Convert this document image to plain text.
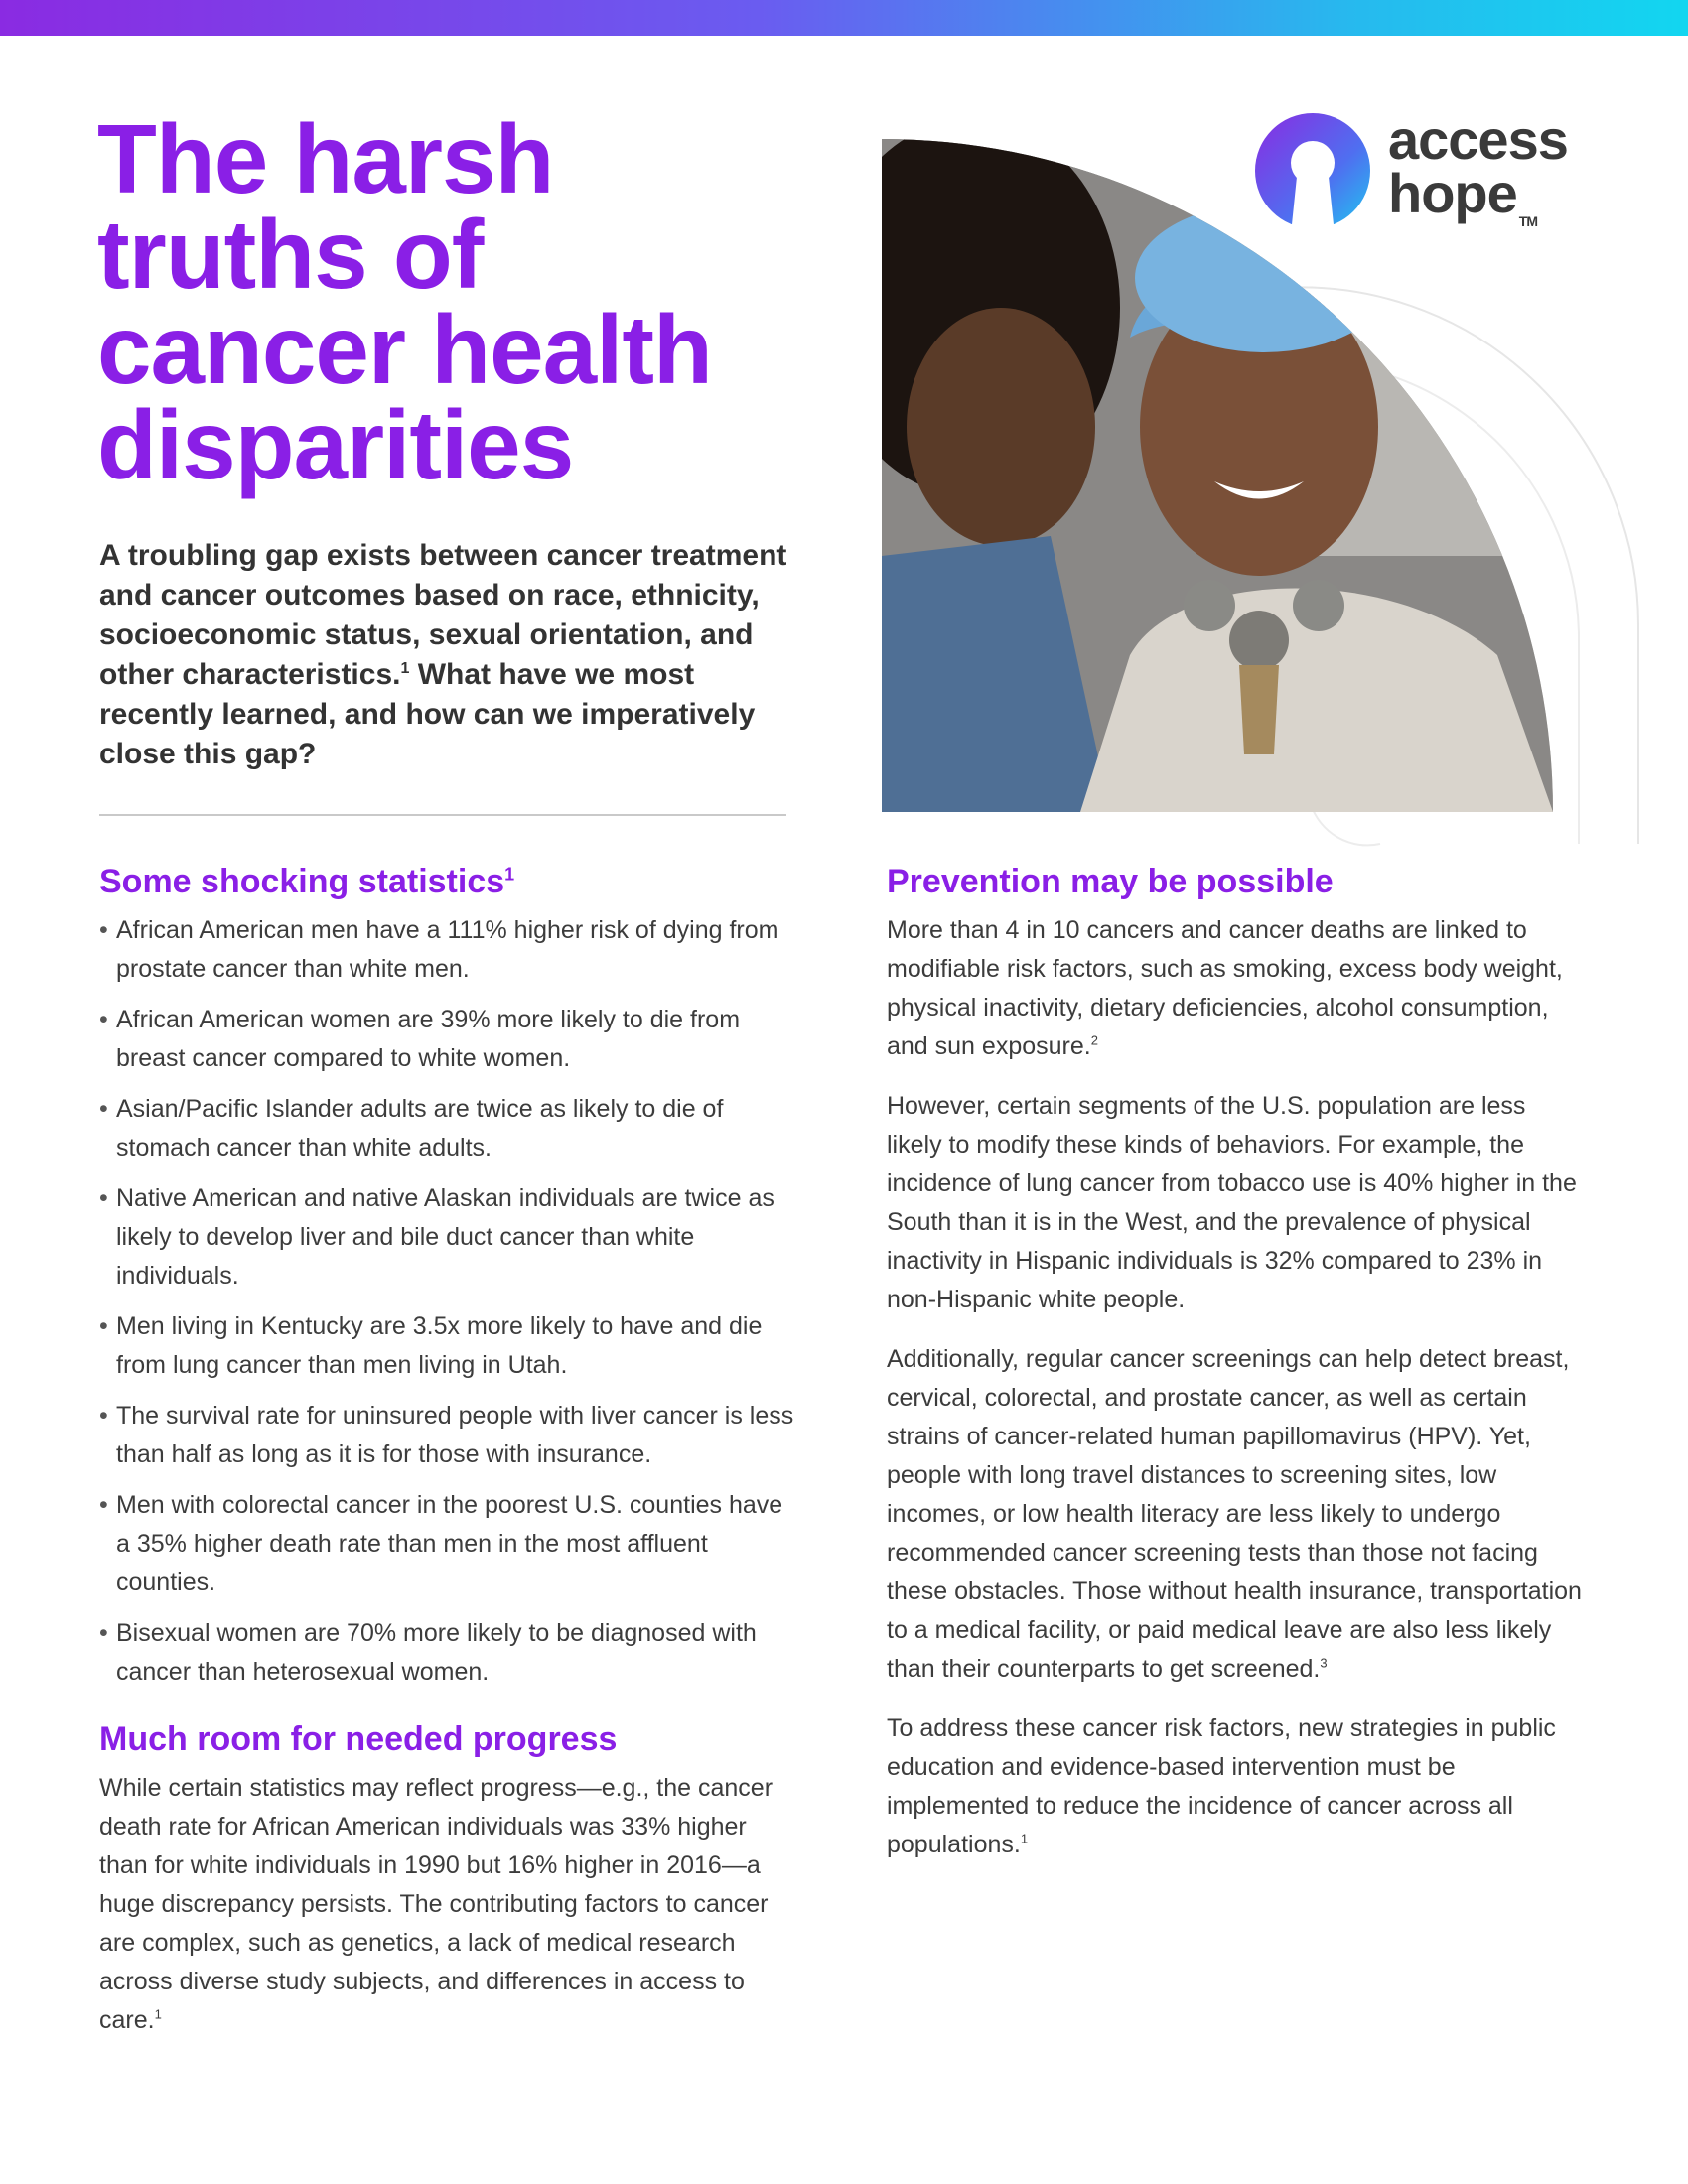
The harsh
truths of
cancer health
disparities

A troubling gap exists between cancer treatment and cancer outcomes based on race, ethnicity, socioeconomic status, sexual orientation, and other characteristics.$^1$ What have we most recently learned, and how can we imperatively close this gap?

access
hope ™
Some shocking statistics$^1$
• African American men have a 111% higher risk of dying from prostate cancer than white men.
• African American women are 39% more likely to die from breast cancer compared to white women.
• Asian/Pacific Islander adults are twice as likely to die of stomach cancer than white adults.
• Native American and native Alaskan individuals are twice as likely to develop liver and bile duct cancer than white individuals.
• Men living in Kentucky are 3.5x more likely to have and die from lung cancer than men living in Utah.
• The survival rate for uninsured people with liver cancer is less than half as long as it is for those with insurance.
• Men with colorectal cancer in the poorest U.S. counties have a 35% higher death rate than men in the most affluent counties.
• Bisexual women are 70% more likely to be diagnosed with cancer than heterosexual women.
Much room for needed progress

While certain statistics may reflect progress—e.g., the cancer death rate for African American individuals was 33% higher than for white individuals in 1990 but 16% higher in 2016—a huge discrepancy persists. The contributing factors to cancer are complex, such as genetics, a lack of medical research across diverse study subjects, and differences in access to care.$^1$

Prevention may be possible

More than 4 in 10 cancers and cancer deaths are linked to modifiable risk factors, such as smoking, excess body weight, physical inactivity, dietary deficiencies, alcohol consumption, and sun exposure.$^2$

However, certain segments of the U.S. population are less likely to modify these kinds of behaviors. For example, the incidence of lung cancer from tobacco use is 40% higher in the South than it is in the West, and the prevalence of physical inactivity in Hispanic individuals is 32% compared to 23% in non-Hispanic white people.

Additionally, regular cancer screenings can help detect breast, cervical, colorectal, and prostate cancer, as well as certain strains of cancer-related human papillomavirus (HPV). Yet, people with long travel distances to screening sites, low incomes, or low health literacy are less likely to undergo recommended cancer screening tests than those not facing these obstacles. Those without health insurance, transportation to a medical facility, or paid medical leave are also less likely than their counterparts to get screened.$^3$

To address these cancer risk factors, new strategies in public education and evidence-based intervention must be implemented to reduce the incidence of cancer across all populations.$^1$
